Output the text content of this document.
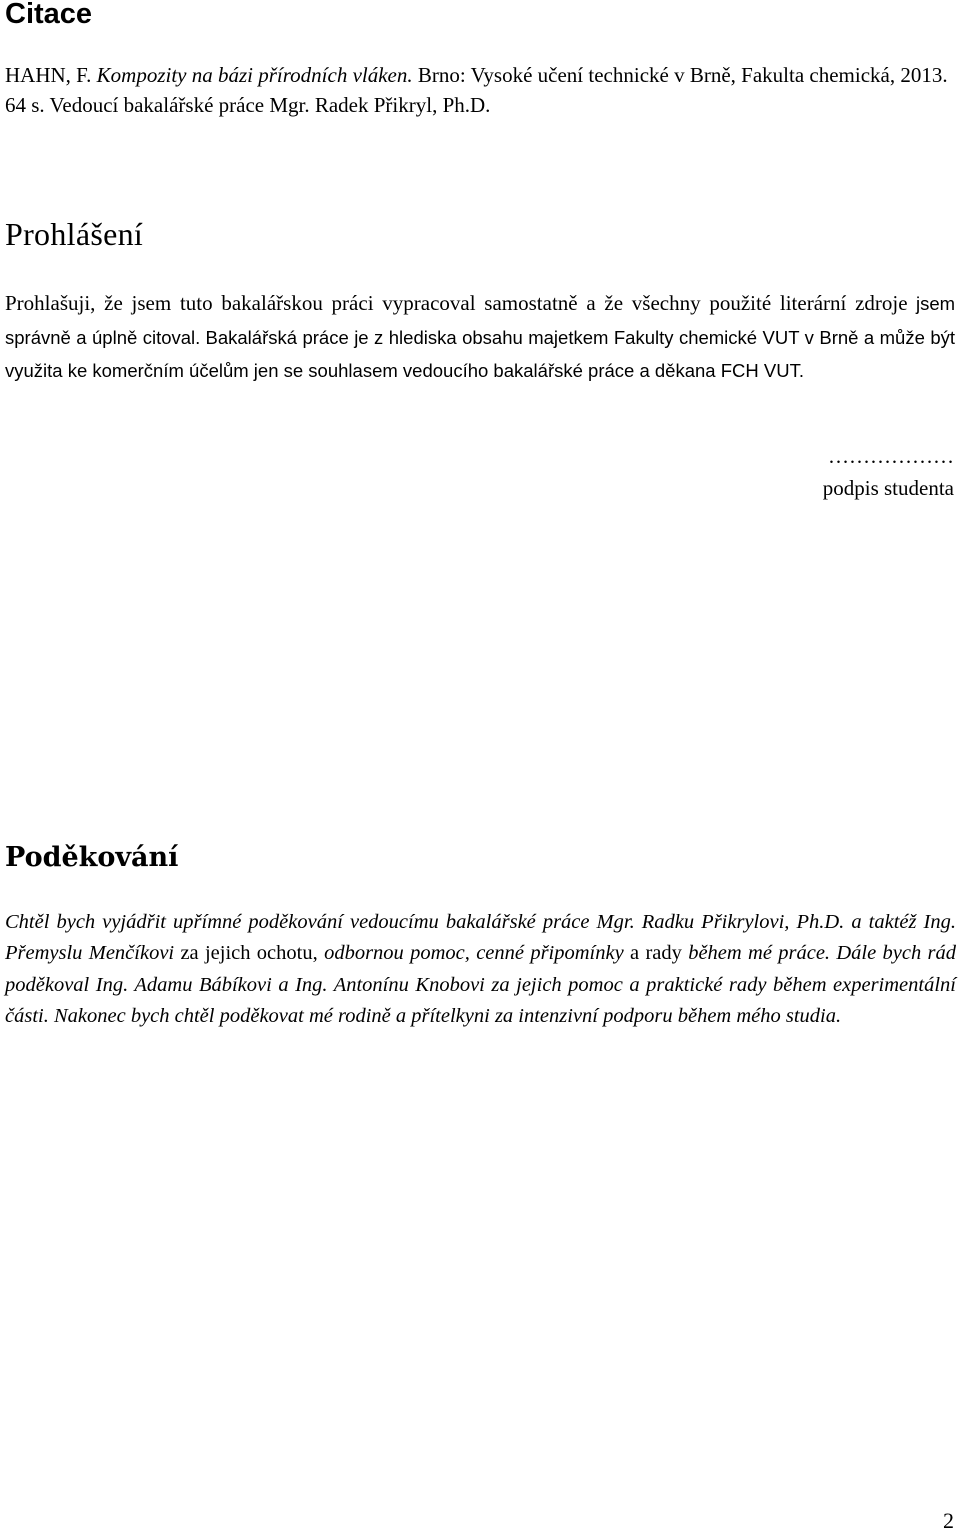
Citace

HAHN, F. Kompozity na bázi přírodních vláken. Brno: Vysoké učení technické v Brně, Fakulta chemická, 2013. 64 s. Vedoucí bakalářské práce Mgr. Radek Přikryl, Ph.D.

Prohlášení

Prohlašuji, že jsem tuto bakalářskou práci vypracoval samostatně a že všechny použité literární zdroje jsem správně a úplně citoval. Bakalářská práce je z hlediska obsahu majetkem Fakulty chemické VUT v Brně a může být využita ke komerčním účelům jen se souhlasem vedoucího bakalářské práce a děkana FCH VUT.

………………
podpis studenta
Poděkování

Chtěl bych vyjádřit upřímné poděkování vedoucímu bakalářské práce Mgr. Radku Přikrylovi, Ph.D. a taktéž Ing. Přemyslu Menčíkovi za jejich ochotu, odbornou pomoc, cenné připomínky a rady během mé práce. Dále bych rád poděkoval Ing. Adamu Bábíkovi a Ing. Antonínu Knobovi za jejich pomoc a praktické rady během experimentální části. Nakonec bych chtěl poděkovat mé rodině a přítelkyni za intenzivní podporu během mého studia.

2
